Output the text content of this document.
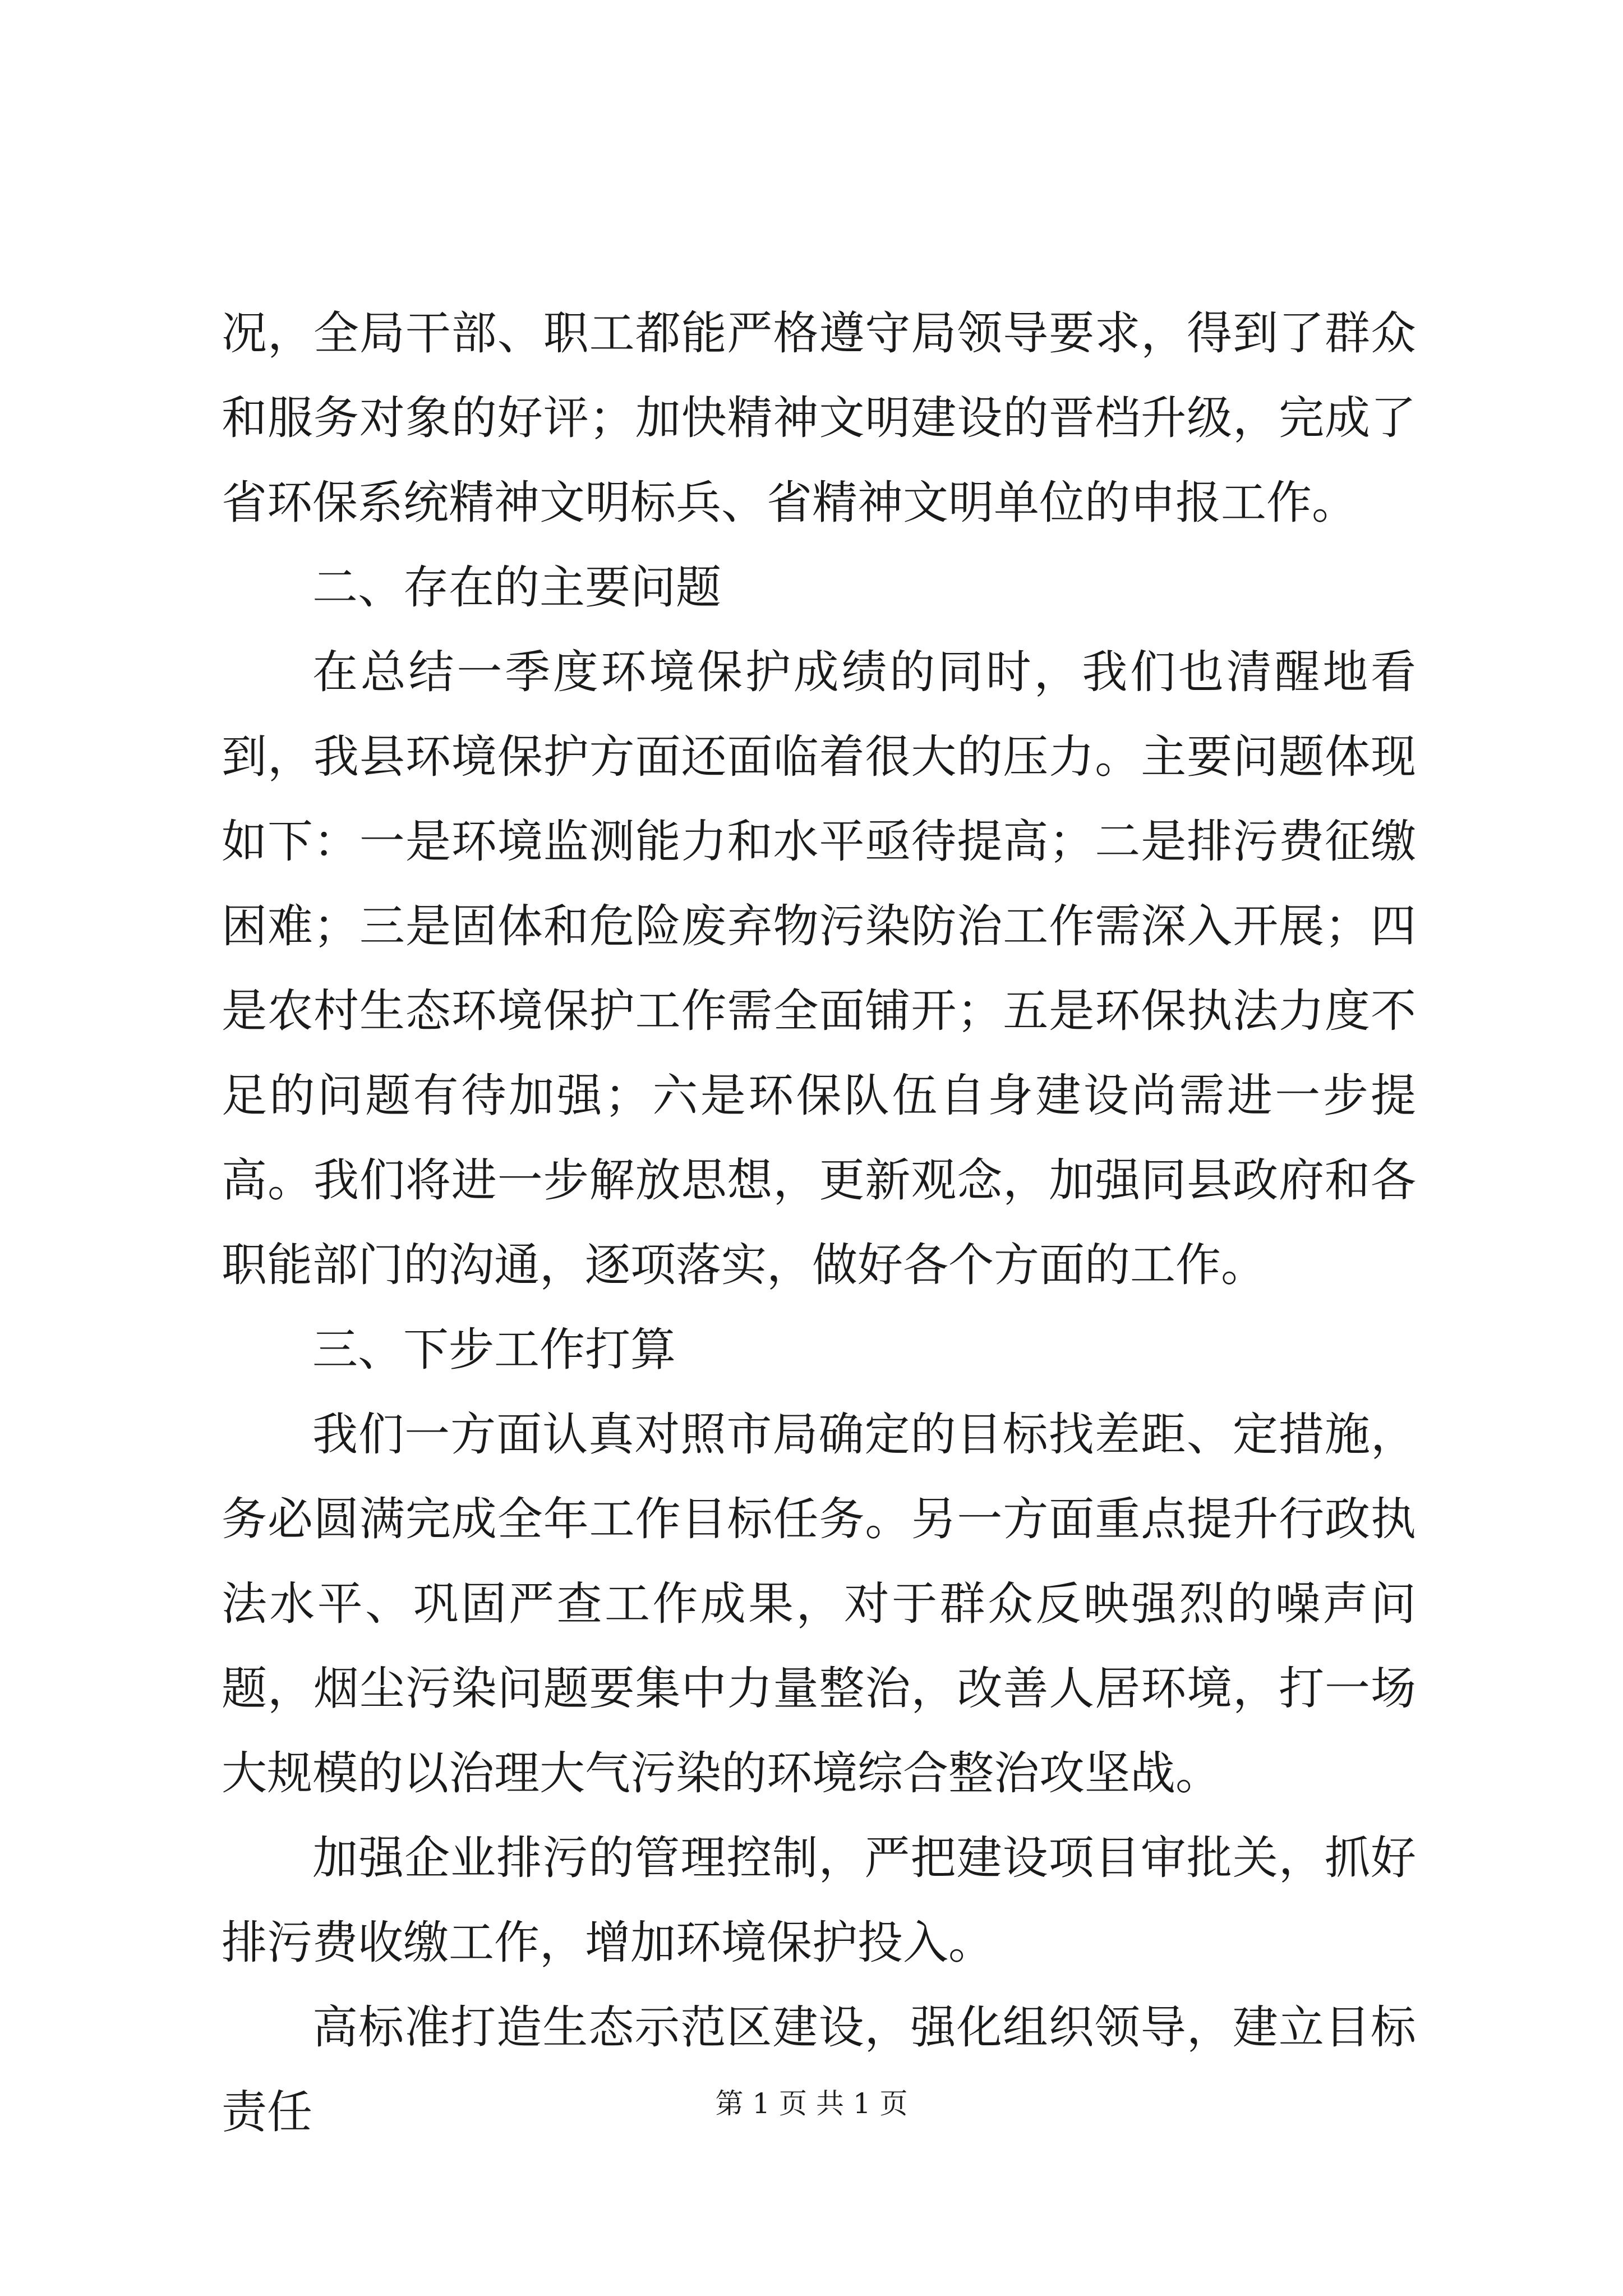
况，全局干部、职工都能严格遵守局领导要求，得到了群众和服务对象的好评；加快精神文明建设的晋档升级，完成了省环保系统精神文明标兵、省精神文明单位的申报工作。

二、存在的主要问题

在总结一季度环境保护成绩的同时，我们也清醒地看到，我县环境保护方面还面临着很大的压力。主要问题体现如下：一是环境监测能力和水平亟待提高；二是排污费征缴困难；三是固体和危险废弃物污染防治工作需深入开展；四是农村生态环境保护工作需全面铺开；五是环保执法力度不足的问题有待加强；六是环保队伍自身建设尚需进一步提高。我们将进一步解放思想，更新观念，加强同县政府和各职能部门的沟通，逐项落实，做好各个方面的工作。

三、下步工作打算

我们一方面认真对照市局确定的目标找差距、定措施，务必圆满完成全年工作目标任务。另一方面重点提升行政执法水平、巩固严查工作成果，对于群众反映强烈的噪声问题，烟尘污染问题要集中力量整治，改善人居环境，打一场大规模的以治理大气污染的环境综合整治攻坚战。

加强企业排污的管理控制，严把建设项目审批关，抓好排污费收缴工作，增加环境保护投入。

高标准打造生态示范区建设，强化组织领导，建立目标责任	第 1 页 共 1 页
